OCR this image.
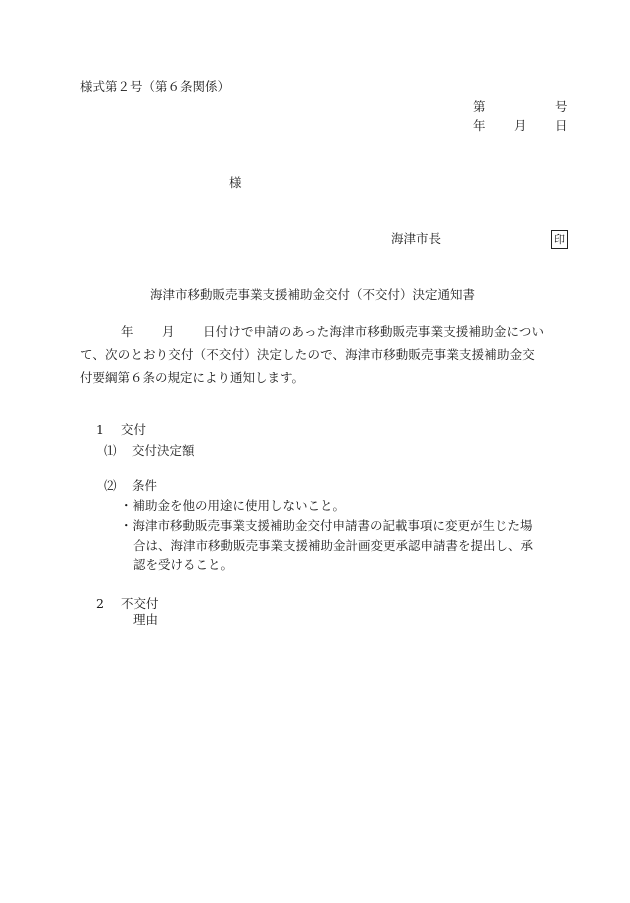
様式第２号（第６条関係）
第	号
年 月 日
様
海津市長	印
海津市移動販売事業支援補助金交付（不交付）決定通知書
年 月 日付けで申請のあった海津市移動販売事業支援補助金につい
て、次のとおり交付（不交付）決定したので、海津市移動販売事業支援補助金交
付要綱第６条の規定により通知します。
1 交付
⑴ 交付決定額
⑵ 条件
・補助金を他の用途に使用しないこと。
・海津市移動販売事業支援補助金交付申請書の記載事項に変更が生じた場
合は、海津市移動販売事業支援補助金計画変更承認申請書を提出し、承
認を受けること。
2 不交付
理由
